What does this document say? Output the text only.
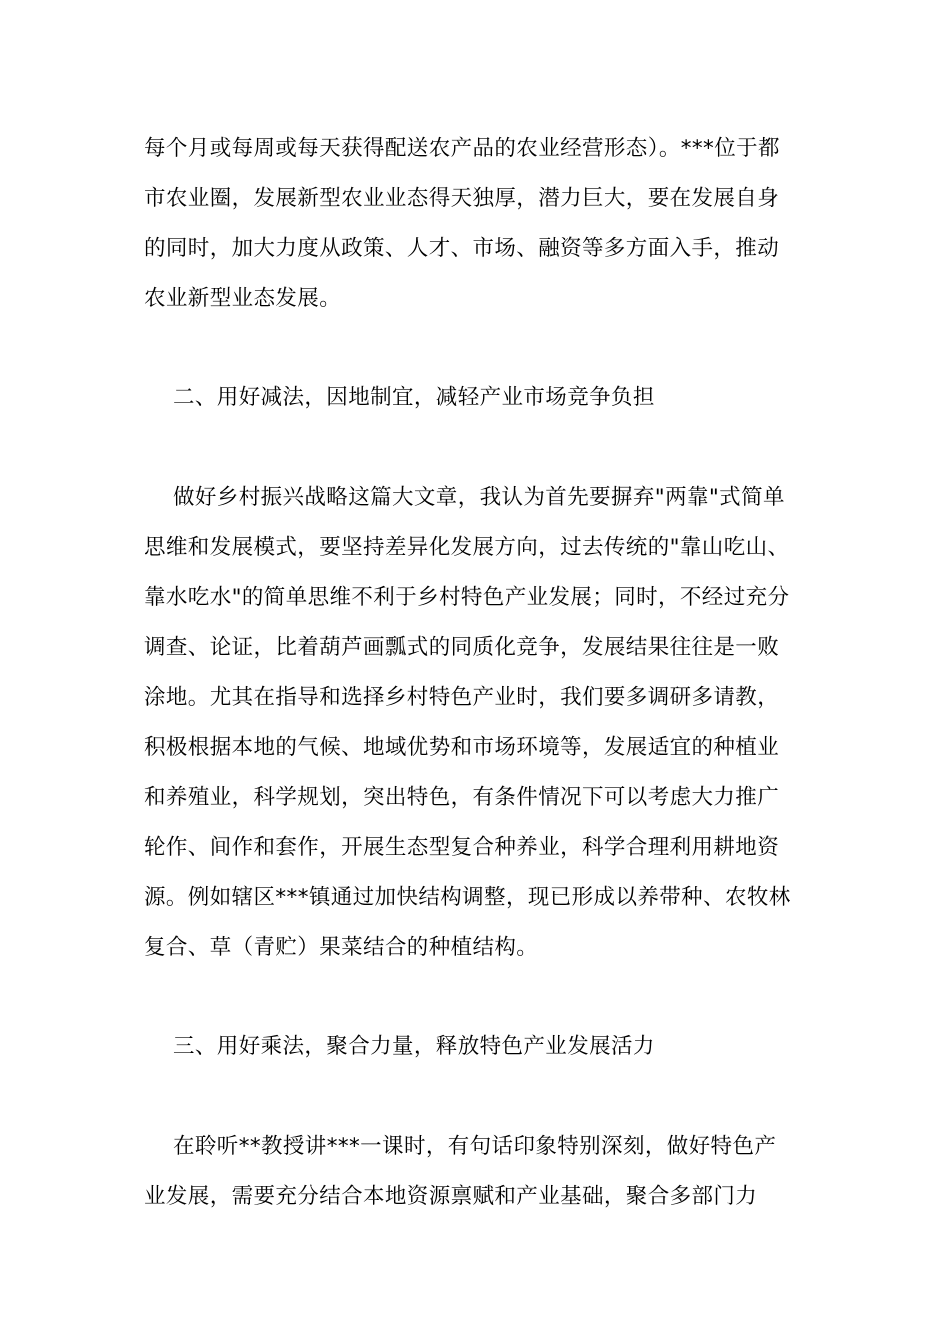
每个月或每周或每天获得配送农产品的农业经营形态）。***位于都
市农业圈，发展新型农业业态得天独厚，潜力巨大，要在发展自身
的同时，加大力度从政策、人才、市场、融资等多方面入手，推动
农业新型业态发展。
二、用好减法，因地制宜，减轻产业市场竞争负担
做好乡村振兴战略这篇大文章，我认为首先要摒弃"两靠"式简单
思维和发展模式，要坚持差异化发展方向，过去传统的"靠山吃山、
靠水吃水"的简单思维不利于乡村特色产业发展；同时，不经过充分
调查、论证，比着葫芦画瓢式的同质化竞争，发展结果往往是一败
涂地。尤其在指导和选择乡村特色产业时，我们要多调研多请教，
积极根据本地的气候、地域优势和市场环境等，发展适宜的种植业
和养殖业，科学规划，突出特色，有条件情况下可以考虑大力推广
轮作、间作和套作，开展生态型复合种养业，科学合理利用耕地资
源。例如辖区***镇通过加快结构调整，现已形成以养带种、农牧林
复合、草（青贮）果菜结合的种植结构。
三、用好乘法，聚合力量，释放特色产业发展活力
在聆听**教授讲***一课时，有句话印象特别深刻，做好特色产
业发展，需要充分结合本地资源禀赋和产业基础，聚合多部门力
